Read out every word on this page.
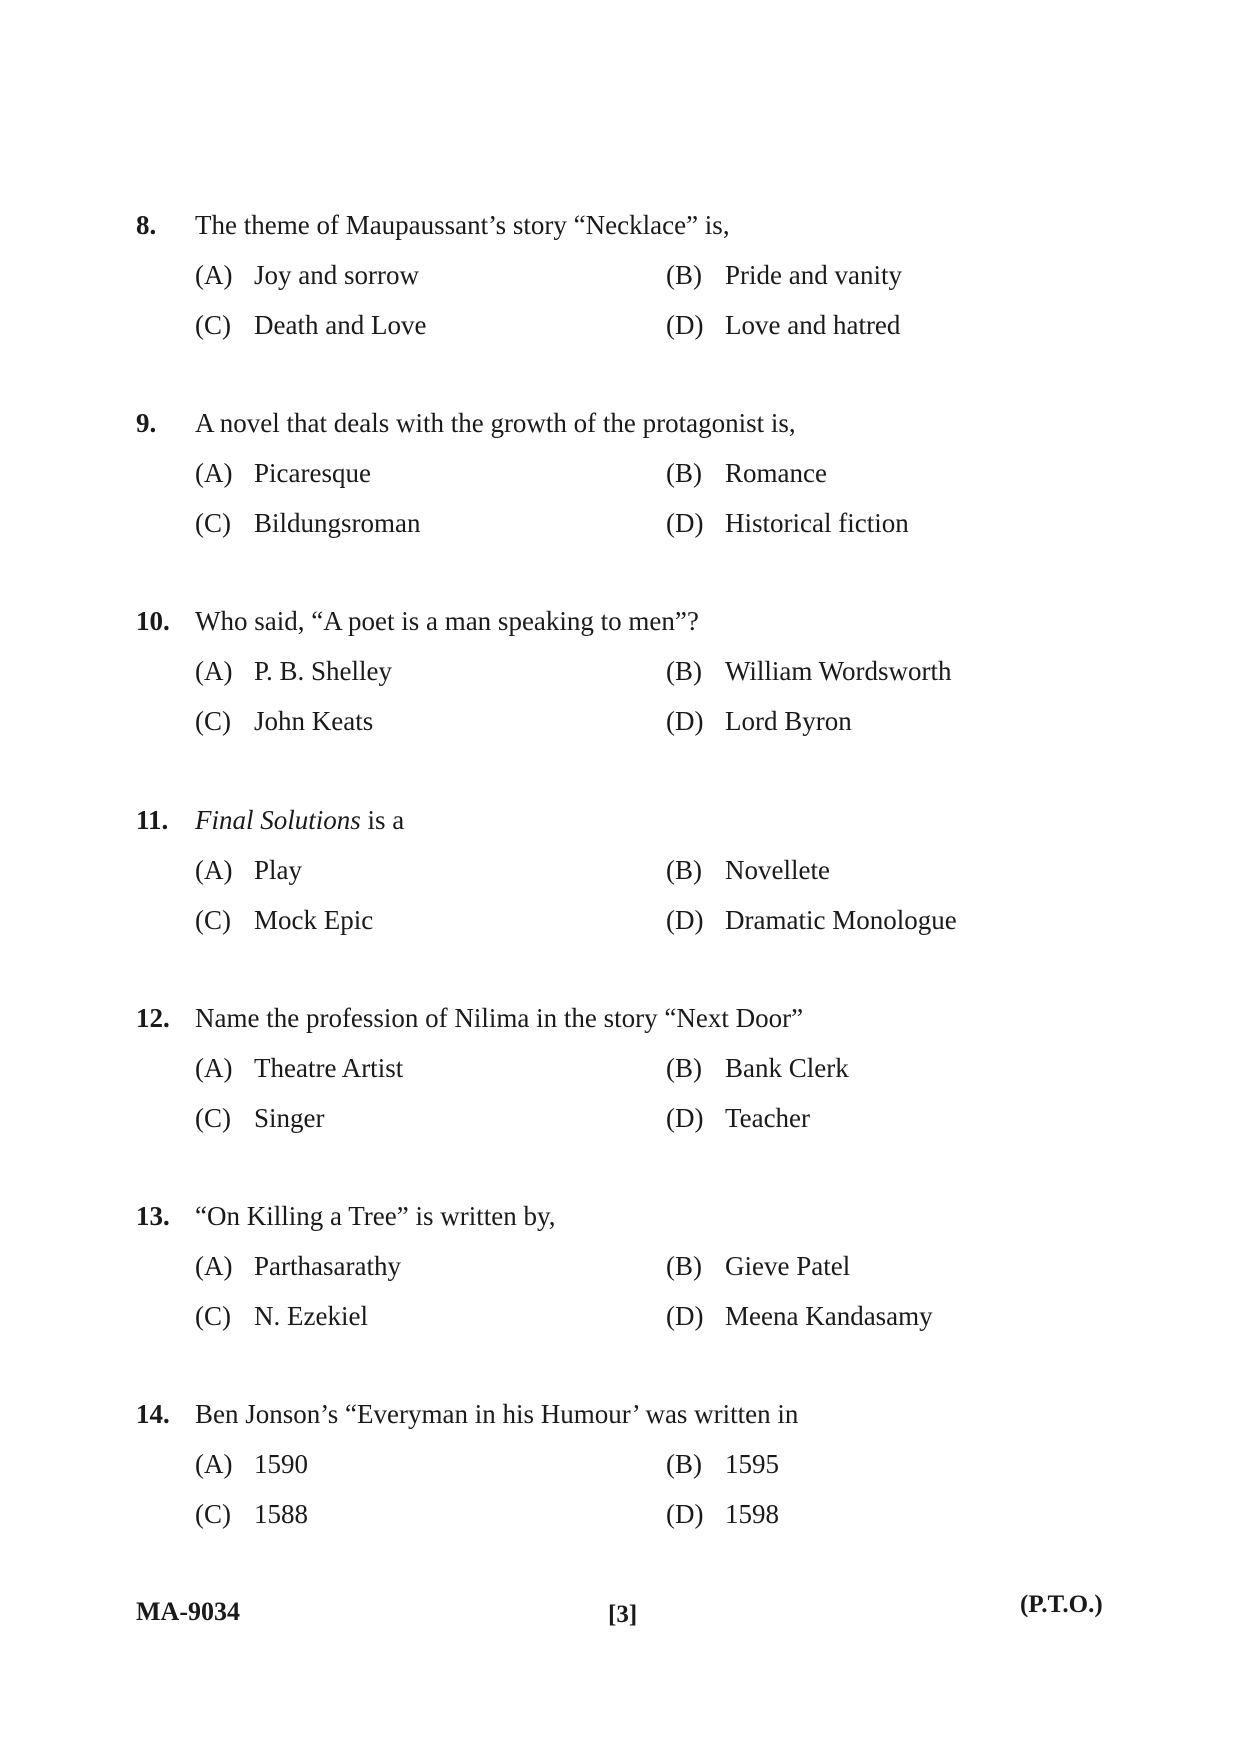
8. The theme of Maupaussant’s story “Necklace” is,
(A) Joy and sorrow	(B) Pride and vanity
(C) Death and Love	(D) Love and hatred
9. A novel that deals with the growth of the protagonist is,
(A) Picaresque	(B) Romance
(C) Bildungsroman	(D) Historical fiction
10. Who said, “A poet is a man speaking to men”?
(A) P. B. Shelley	(B) William Wordsworth
(C) John Keats	(D) Lord Byron
11. Final Solutions is a
(A) Play	(B) Novellete
(C) Mock Epic	(D) Dramatic Monologue
12. Name the profession of Nilima in the story “Next Door”
(A) Theatre Artist	(B) Bank Clerk
(C) Singer	(D) Teacher
13. “On Killing a Tree” is written by,
(A) Parthasarathy	(B) Gieve Patel
(C) N. Ezekiel	(D) Meena Kandasamy
14. Ben Jonson’s “Everyman in his Humour’ was written in
(A) 1590	(B) 1595
(C) 1588	(D) 1598
MA-9034	[3]	(P.T.O.)
